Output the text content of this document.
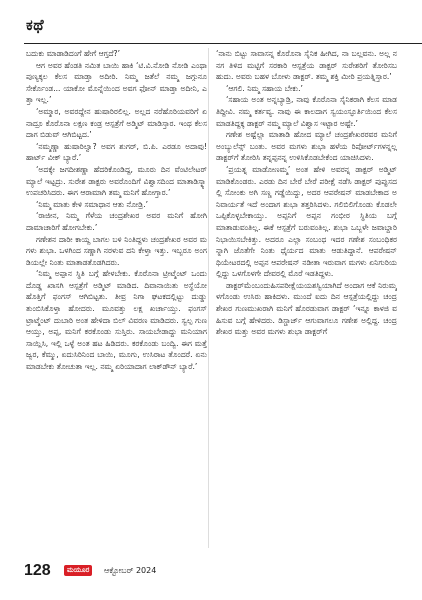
ಕಥೆ

ಬದುಕು ಮಾಡಾಡಿದಂಗೆ ಹೇಗೆ ಆಗ್ತದೆ?’

ಆಗ ಅವರ ಹೆಂಡತಿ ನಮಿತ ಬಾಯಿ ಹಾಕಿ ‘ಟಿ.ವಿ.ನೋಡಿ ನೋಡಿ ಎಂಥಾ ಪುಣ್ಯಕ್ಕಲ ಕೆಲಸ ಮಾಡ್ತಾ ಅದೀರಿ. ನಿಮ್ಮ ಜತೆಲೆ ನಮ್ಮ ಜಗ್ಗುನೂ ಸೇರ್ಕೊಂಡ... ಯಾಕೋ ಮೊನ್ನೆಯಿಂದ ಅವಗ ಫೋನ್ ಮಾಡ್ತಾ ಅದೀನಿ, ಎತ್ತಾ ಇಲ್ಲ.’

‘ಅಮ್ಮಾರ, ಅವರದ್ದೇನ ಹುಷಾರಿರಲಿಲ್ಲ. ಅಲ್ಲದ ನರೆಹೊರಿಯವರಿಗೆ ಏನಾದ್ರೂ ಕೊರೊನಾ ಲಕ್ಷಣ ಕಂಡ್ರ ಆಸ್ಪತ್ರೆಗೆ ಅಡ್ಮಿಟ್ ಮಾಡಿಸ್ತಾರ. ಇಂಥ ಕೆಲಸದಾಗ ಬಿಡುವ್ ಆಗಿಬಿಟ್ಟದ.’

‘ನಮ್ಮಣ್ಣಾ ಹುಷಾರಿಲ್ವಾ? ಅವಗ ಶುಗರ್, ಬಿ.ಪಿ. ಎರಡೂ ಅದಾವು! ಹಾರ್ಟ್ ವೀಕ್ ಬ್ಯಾರೆ.’

‘ಅದಕ್ಕೇ ಜಗದೀಶಣ್ಣಾ ಹೆದರಿಕೊಂಡಿದ್ದ, ಮೂರು ದಿನ ವೆಂಟಿಲೇಟರ್ ಮ್ಯಾಲೆ ಇಟ್ಟದ್ರು. ಸುರೇಶ ಡಾಕ್ಟರು ಅವರೊಂದಿಗೆ ವಿಶ್ವಾಸದಿಂದ ಮಾತಾಡಿಸ್ಕ್ಯಾ ಉಪಚರಿಸಿದರು. ಈಗ ಆರಾಮಾಗಿ ತಮ್ಮ ಮನಿಗೆ ಹೋಗ್ತಾರ.’

‘ನಿಮ್ಮ ಮಾತು ಕೇಳಿ ಸಮಾಧಾನ ಆತು ನೋಡ್ರಿ.’

‘ರಾಜೀನ, ನಿಮ್ಮ ಗೆಳೆಯ ಚಂದ್ರಶೇಖರ ಅವರ ಮನಿಗೆ ಹೋಗಿ ದಾಮಾಚಾರಿಗೆ ಹೋಗಬೇಕು.’

ಗಣೇಶನ ದಾರೀ ಕಾಯ್ದ ಬಾಗಲ ಬಳಿ ನಿಂತಿದ್ದಳು ಚಂದ್ರಶೇಖರ ಅವರ ಮಗಳು ಶುಭಾ. ಒಳಗಿಂದ ಸಣ್ಣಾಗಿ ನರಳುವ ದನಿ ಕೇಳ್ತಾ ಇತ್ತು. ಇಬ್ಬರೂ ಅಂಗಡಿಯಲ್ಲೇ ನಿಂತು ಮಾತಾಡತೊಡಗಿದರು.

‘ನಿಮ್ಮ ಅಪ್ಪಾನ ಸ್ಥಿತಿ ಬಗ್ಗೆ ಹೇಳಬೇಕು. ಕೊರೊನಾ ಟ್ರೀಟ್ಮೆಂಟ್ ಒಂದು ದೊಡ್ಡ ಖಾಸಗಿ ಆಸ್ಪತ್ರೆಗೆ ಅಡ್ಮಿಟ್ ಮಾಡಿದ. ದಿವಾನಾಯಿತು ಅಸ್ಥೆಯೋ ಹೊತ್ತಿಗೆ ಫಂಗಸ್ ಆಗಿಬಿಟ್ಟತು. ತೀವ್ರ ನಿಗಾ ಘಟಕದಲ್ಲಿಟ್ಟು ದುಡ್ಡು ತುಂಬಿಸಿಕೊಳ್ತಾ ಹೋದರು. ಮೂವತ್ತು ಲಕ್ಷ ಖರ್ಚಾಯ್ತು. ಫಂಗಸ್ ಟ್ರಾಟ್ಮೆಂಟ್ ದುಬಾರಿ ಅಂತ ಹೇಳಿದಾ ಬಿಲ್ ವಿವರಣ ಮಾಡಿದರು. ಸ್ವಲ್ಪ ಗುಣ ಆಯ್ತು, ಅಪ್ಪ, ಮನಿಗೆ ಕರಕೊಂಡು ಸುಸ್ತಿರು. ಸಾಯಬೇಡಾದ್ದು ಮನಿಯಾಗ ಸಾಯ್ಲಿಸಿ, ಇಲ್ಲಿ ಒಳ್ಳೆ ಅಂತ ಹಟ ಹಿಡಿದರು. ಕರಕೊಂಡು ಬಂದ್ವಿ. ಈಗ ಮತ್ತೆ ಜ್ವರ, ಕೆಮ್ಮು, ಏದುಸಿರಿನಿಂದ ಬಾಯಿ, ಮೂಗು, ಉಸಿರಾಟ ತೊಂದರೆ. ಏನು ಮಾಡಬೇಕು ತೋಚುತಾ ಇಲ್ಲ. ನಮ್ಮ ಏರಿಯಾದಾಗ ಲಾಕ್‌ಡೌನ್ ಬ್ಯಾರೆ.’

‘ನಾನು ಬಿಟ್ಟು ಸಾವಾಸನ್ನ ಕೊರೊನಾ ಸೈನಿಕ ಹೀಗಿದ, ನಾ ಬಲ್ಲವನು. ಅಲ್ಲ ನನಗ ತಿಳಿದ ಮಟ್ಟಿಗೆ ಸರಕಾರಿ ಆಸ್ಪತ್ರೆಯ ಡಾಕ್ಟರ್ ಸುರೇಶರಿಗೆ ತೋರಿಸಬಹುದು. ಅವರು ಬಹಳ ಬೋಳು ಡಾಕ್ಟರ್. ತಮ್ಮ ಶಕ್ತಿ ಮೀರಿ ಪ್ರಯತ್ನಿಸ್ತಾರ.’

‘ಆಗಲಿ. ನಿಮ್ಮ ಸಹಾಯ ಬೇಕು.’

‘ಸಹಾಯ ಅಂತ ಅನ್ನಬ್ಯಾಡ್ರಿ, ನಾವು ಕೊರೊನಾ ಸೈನಿಕರಾಗಿ ಕೆಲಸ ಮಾಡತಿದ್ದೀವಿ. ನಮ್ಮ ಕರ್ತವ್ಯ. ನಾವು ಈ ಕಾಲದಾಗ ಸ್ವಯಂಸ್ಫೂರ್ತಿಯಿಂದ ಕೆಲಸ ಮಾಡತಿದ್ದಕ್ಕ ಡಾಕ್ಟರ್ ನಮ್ಮ ಮ್ಯಾಲೆ ವಿಶ್ವಾಸ ಇಟ್ಟಾರ ಅಷ್ಟೇ.’

ಗಣೇಶ ಅಷ್ಟೆಲ್ಲಾ ಮಾತಾಡಿ ಹೋದ ಮ್ಯಾಲೆ ಚಂದ್ರಶೇಖರರವರ ಮನಿಗೆ ಅಂಬ್ಯುಲೆನ್ಸ್ ಬಂತು. ಅವರ ಮಗಳು ಶುಭಾ ಹಳೆಯ ರಿಪೋರ್ಟ್‌ಗಳನ್ನಲ್ಲ ಡಾಕ್ಟರ್‌ಗೆ ತೋರಿಸಿ ತನ್ನಪ್ಪನನ್ನ ಉಳಿಸಿಕೊಡಬೇಕೆಂದ ಯಾಚಿಸಿದಳು.

‘ಪ್ರಯತ್ನ ಮಾಡೋಣಮ್ಮ’ ಅಂತ ಹೇಳಿ ಅವರನ್ನ ಡಾಕ್ಟರ್ ಅಡ್ಮಿಟ್ ಮಾಡಿಕೊಂಡರು. ಎರಡು ದಿನ ಬೇರೆ ಬೇರೆ ಪರೀಕ್ಷೆ ನಡೆಸಿ ಡಾಕ್ಟರ್ ಪುಪ್ಪುಸದಲ್ಲಿ ಸೋಂಕು ಅಗಿ ಸಣ್ಣ ಗಡ್ಡೆಯಿದ್ದು, ಅದರ ಆಪರೇಷನ್ ಮಾಡಬೇಕಾದ ಅನಿವಾರ್ಯತೆ ಇದೆ ಅಂದಾಗ ಶುಭಾ ತತ್ತರಿಸಿದಳು. ಗಲಿಬಿಲಿಗೊಂಡು ಕೊಡಲೇ ಒಪ್ಪಿಕೊಳ್ಳಬೇಕಾಯ್ತು. ಅಪ್ಪನಿಗೆ ಅಪ್ಪನ ಗಂಭೀರ ಸ್ಥಿತಿಯ ಬಗ್ಗೆ ಮಾತಾಡುವಂತಿಲ್ಲ. ಈಕೆ ಆಸ್ಪತ್ರೆಗೆ ಬರುವಂತಿಲ್ಲ. ಶುಭಾ ಒಬ್ಬಳೇ ಜವಾಬ್ದಾರಿ ನಿಭಾಯಿಸಬೇಕಿತ್ತು. ಅದರೂ ಎಲ್ಲಾ ಸಂಬಂಧ ಇದರ ಗಣೇಶ ಸಂಬಂಧಿಕರನ್ನಾಗಿ ಜೊತೆಗೇ ನಿಂತು ಧೈರ್ಯದ ಮಾತು ಆಡುತಿದ್ದಾನೆ. ಆಪರೇಷನ್ ಥಿಯೇಟರದಲ್ಲಿ ಅಪ್ಪನ ಆಪರೇಷನ್ ನಡೀತಾ ಇರುವಾಗ ಮಗಳು ಏನಿಗುರಿಯಲ್ಲಿದ್ದು ಒಳಗೊಳಗೇ ದೇವರಲ್ಲಿ ಮೊರೆ ಇಡತಿದ್ದಳು.

ಡಾಕ್ಟರ್‌ಮೆಂಬಂದುಹಿಸಪರೀಕ್ಷೆಯಯಶಸ್ವಿಯಾಗಿದೆ ಅಂದಾಗ ಆಕೆ ನಿರುಮ್ಮಳಗೊಂಡು ಉಸಿರು ಹಾಕಿದಳು. ಮುಂದೆ ಐದು ದಿನ ಆಸ್ಪತ್ರೆಯಲ್ಲಿದ್ದು ಚಂದ್ರಶೇಖರ ಗುಣಮುಖರಾಗಿ ಮನಿಗೆ ಹೊರಡುವಾಗ ಡಾಕ್ಟರ್ ‘ಇನ್ನೂ ಕಾಳಜಿ ವಹಿಸುವ ಬಗ್ಗೆ ಹೇಳಿದರು. ಡಿಸ್ಚಾರ್ಜ್ ಆಗುವಾಗಲೂ ಗಣೇಶ ಅಲ್ಲಿದ್ದ. ಚಂದ್ರಶೇಖರ ಮತ್ತು ಅವರ ಮಗಳು ಶುಭಾ ಡಾಕ್ಟರ್‌ಗೆ

128	ಮಯೂರ	ಆಕ್ಟೋಬರ್ 2024
